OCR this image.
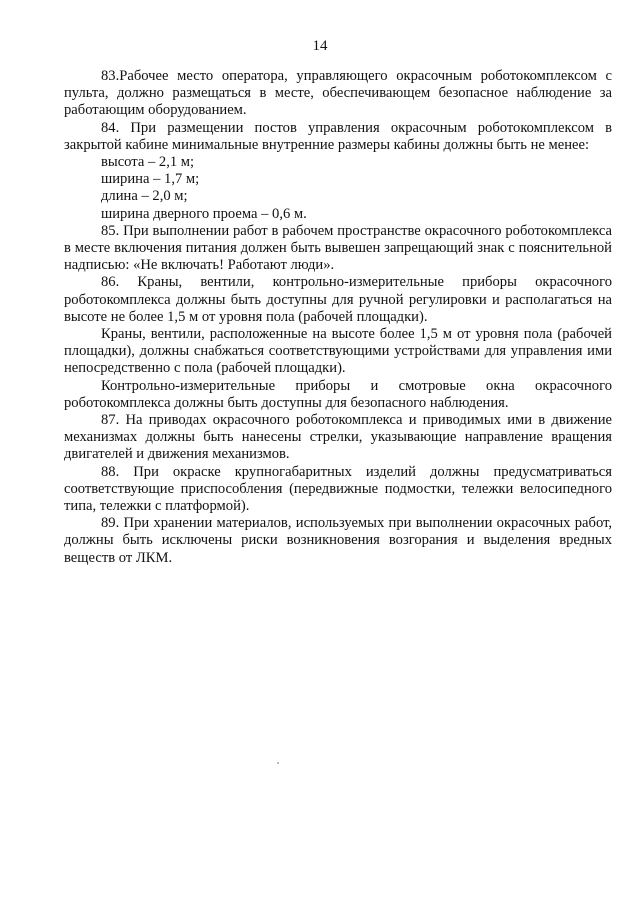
14

83.Рабочее место оператора, управляющего окрасочным роботокомплексом с пульта, должно размещаться в месте, обеспечивающем безопасное наблюдение за работающим оборудованием.

84. При размещении постов управления окрасочным роботокомплексом в закрытой кабине минимальные внутренние размеры кабины должны быть не менее:

высота – 2,1 м;

ширина – 1,7 м;

длина – 2,0 м;

ширина дверного проема – 0,6 м.

85. При выполнении работ в рабочем пространстве окрасочного роботокомплекса в месте включения питания должен быть вывешен запрещающий знак с пояснительной надписью: «Не включать! Работают люди».

86. Краны, вентили, контрольно-измерительные приборы окрасочного роботокомплекса должны быть доступны для ручной регулировки и располагаться на высоте не более 1,5 м от уровня пола (рабочей площадки).

Краны, вентили, расположенные на высоте более 1,5 м от уровня пола (рабочей площадки), должны снабжаться соответствующими устройствами для управления ими непосредственно с пола (рабочей площадки).

Контрольно-измерительные приборы и смотровые окна окрасочного роботокомплекса должны быть доступны для безопасного наблюдения.

87. На приводах окрасочного роботокомплекса и приводимых ими в движение механизмах должны быть нанесены стрелки, указывающие направление вращения двигателей и движения механизмов.

88. При окраске крупногабаритных изделий должны предусматриваться соответствующие приспособления (передвижные подмостки, тележки велосипедного типа, тележки с платформой).

89. При хранении материалов, используемых при выполнении окрасочных работ, должны быть исключены риски возникновения возгорания и выделения вредных веществ от ЛКМ.
